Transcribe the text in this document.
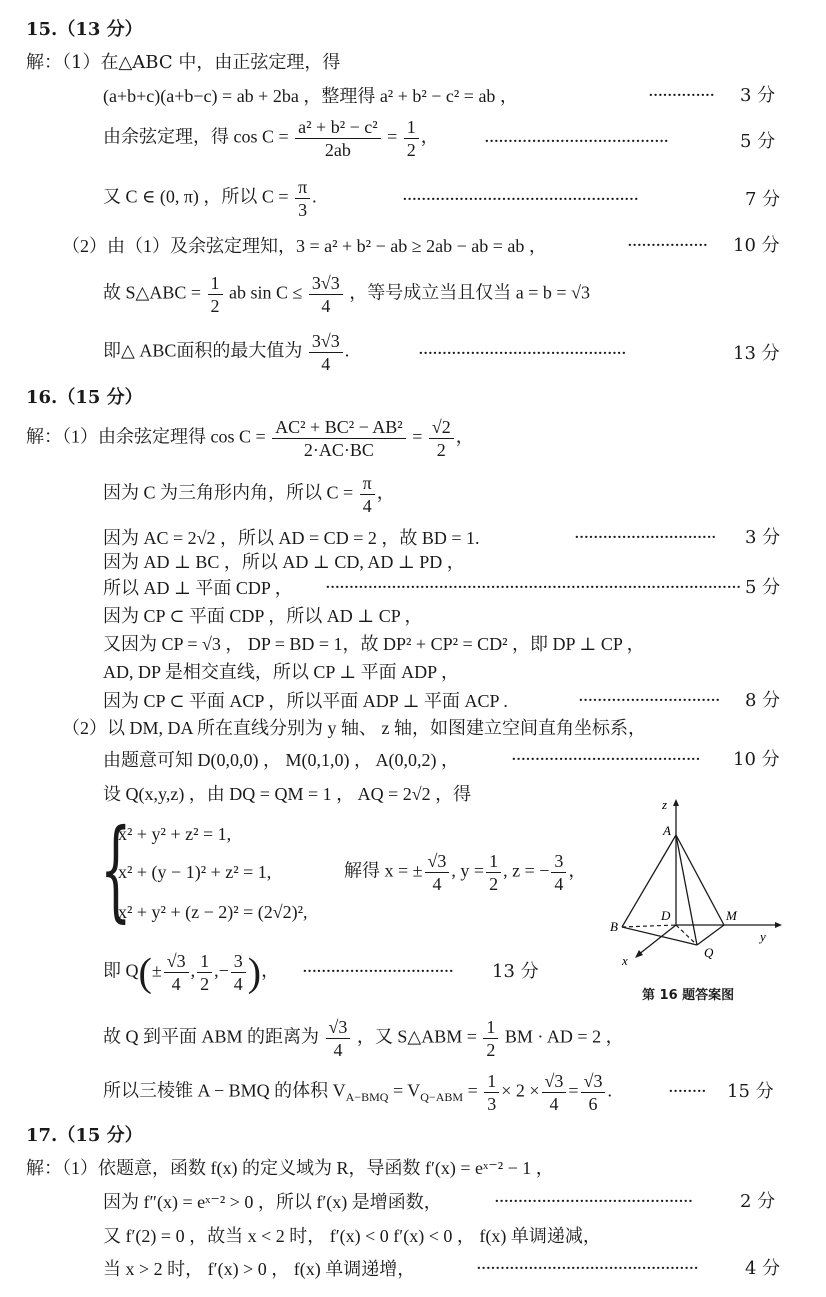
15.（13 分）
解：（1）在△ABC 中，由正弦定理，得
(a+b+c)(a+b−c) = ab + 2ba ，整理得 a² + b² − c² = ab ，	·············· 3 分
由余弦定理，得 $\cos C = \frac{\text{a² + b² − c²}}{2ab} = \frac{1}{2}$ ，	·······································	5 分
又 C ∈ (0, π) ，所以 $C = \frac{\pi}{3}$ .	··················································	7 分
（2）由（1）及余弦定理知，3 = a² + b² − ab ≥ 2ab − ab = ab ，	················· 10 分
故 S△ABC = $\frac{1}{2}$ ab $\sin C \le \frac{3√3}{4}$ ，等号成立当且仅当 a = b = √3
即△ ABC面积的最大值为 $\frac{3√3}{4}$ .	············································	13 分
16.（15 分）
解：（1）由余弦定理得 $\cos C = \frac{\text{AC² + BC² − AB²}}{2\cdot AC\cdot BC} = \frac{√2}{2}$ ，
因为 C 为三角形内角，所以 $C = \frac{\pi}{4}$ ，
因为 AC = 2√2 ，所以 AD = CD = 2 ，故 BD = 1.	······························ 3 分
因为 AD ⊥ BC ，所以 AD ⊥ CD, AD ⊥ PD ，
所以 AD ⊥ 平面 CDP ， ························································································ 5 分
因为 CP ⊂ 平面 CDP ，所以 AD ⊥ CP ，
又因为 CP = √3 ， DP = BD = 1，故 DP² + CP² = CD² ，即 DP ⊥ CP ，
AD, DP 是相交直线，所以 CP ⊥ 平面 ADP ，
因为 CP ⊂ 平面 ACP ，所以平面 ADP ⊥ 平面 ACP .	······························ 8 分
（2）以 DM, DA 所在直线分别为 y 轴、 z 轴，如图建立空间直角坐标系，
由题意可知 D(0,0,0) ， M(0,1,0) ， A(0,0,2) ，	········································ 10 分
设 Q(x,y,z) ，由 DQ = QM = 1 ， AQ = 2√2 ，得
{
x² + y² + z² = 1,
x² + (y − 1)² + z² = 1,
x² + y² + (z − 2)² = (2√2)²,
解得 x = ± $\frac{√3}{4}$ , $y = \frac{1}{2}$ , z = − $\frac{3}{4}$ ，
即 $Q(\pm \frac{√3}{4}$ , $\frac{1}{2}$ ,− $\frac{3}{4}$ )， ································ 13 分
z
A
B
D	M
y
x
Q
第 16 题答案图
故 Q 到平面 ABM 的距离为 $\frac{√3}{4}$ ，又 S△ABM = $\frac{1}{2}$ BM · AD = 2 ，
所以三棱锥 A − BMQ 的体积 $V_{A-BMQ} = V_{Q-ABM} = \frac{1}{3} \times 2 \times \frac{√3}{4} = \frac{√3}{6}$ .	········ 15 分
17.（15 分）
解：（1）依题意，函数 f(x) 的定义域为 R，导函数 f′(x) = eˣ⁻² − 1 ，
因为 f″(x) = eˣ⁻² > 0 ，所以 f′(x) 是增函数，	··········································	2 分
又 f′(2) = 0 ，故当 x < 2 时， f′(x) < 0 f′(x) < 0 ， f(x) 单调递减，
当 x > 2 时， f′(x) > 0 ， f(x) 单调递增，	···············································	4 分
